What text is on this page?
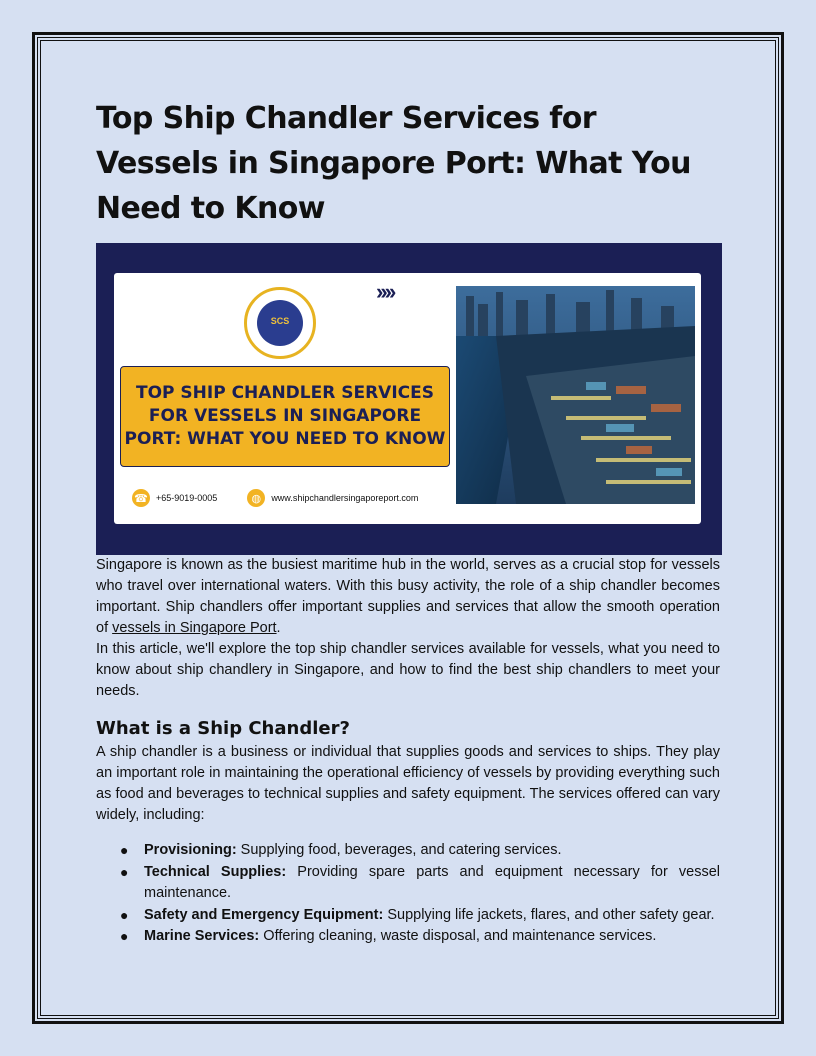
Top Ship Chandler Services for Vessels in Singapore Port: What You Need to Know
SCS
››››
TOP SHIP CHANDLER SERVICES FOR VESSELS IN SINGAPORE PORT: WHAT YOU NEED TO KNOW
☎ +65-9019-0005	◍	www.shipchandlersingaporeport.com

Singapore is known as the busiest maritime hub in the world, serves as a crucial stop for vessels who travel over international waters. With this busy activity, the role of a ship chandler becomes important. Ship chandlers offer important supplies and services that allow the smooth operation of vessels in Singapore Port.

In this article, we'll explore the top ship chandler services available for vessels, what you need to know about ship chandlery in Singapore, and how to find the best ship chandlers to meet your needs.

What is a Ship Chandler?

A ship chandler is a business or individual that supplies goods and services to ships. They play an important role in maintaining the operational efficiency of vessels by providing everything such as food and beverages to technical supplies and safety equipment. The services offered can vary widely, including:

● Provisioning: Supplying food, beverages, and catering services.
● Technical Supplies: Providing spare parts and equipment necessary for vessel maintenance.
● Safety and Emergency Equipment: Supplying life jackets, flares, and other safety gear.
● Marine Services: Offering cleaning, waste disposal, and maintenance services.
